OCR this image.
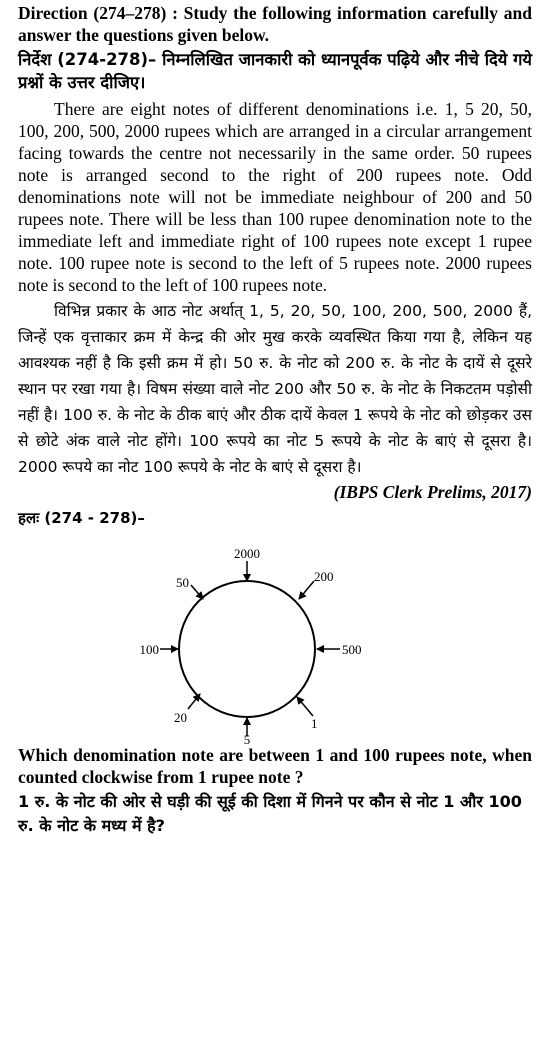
Direction (274–278) : Study the following information carefully and answer the questions given below.
निर्देश (274-278)– निम्नलिखित जानकारी को ध्यानपूर्वक पढ़िये और नीचे दिये गये प्रश्नों के उत्तर दीजिए।
There are eight notes of different denominations i.e. 1, 5 20, 50, 100, 200, 500, 2000 rupees which are arranged in a circular arrangement facing towards the centre not necessarily in the same order. 50 rupees note is arranged second to the right of 200 rupees note. Odd denominations note will not be immediate neighbour of 200 and 50 rupees note. There will be less than 100 rupee denomination note to the immediate left and immediate right of 100 rupees note except 1 rupee note. 100 rupee note is second to the left of 5 rupees note. 2000 rupees note is second to the left of 100 rupees note.
विभिन्न प्रकार के आठ नोट अर्थात् 1, 5, 20, 50, 100, 200, 500, 2000 हैं, जिन्हें एक वृत्ताकार क्रम में केन्द्र की ओर मुख करके व्यवस्थित किया गया है, लेकिन यह आवश्यक नहीं है कि इसी क्रम में हो। 50 रु. के नोट को 200 रु. के नोट के दायें से दूसरे स्थान पर रखा गया है। विषम संख्या वाले नोट 200 और 50 रु. के नोट के निकटतम पड़ोसी नहीं है। 100 रु. के नोट के ठीक बाएं और ठीक दायें केवल 1 रूपये के नोट को छोड़कर उस से छोटे अंक वाले नोट होंगे। 100 रूपये का नोट 5 रूपये के नोट के बाएं से दूसरा है। 2000 रूपये का नोट 100 रूपये के नोट के बाएं से दूसरा है।
(IBPS Clerk Prelims, 2017)
हलः (274 - 278)–
2000
200
500
1
5
20
100
50
Which denomination note are between 1 and 100 rupees note, when counted clockwise from 1 rupee note ?
1 रु. के नोट की ओर से घड़ी की सूई की दिशा में गिनने पर कौन से नोट 1 और 100 रु. के नोट के मध्य में है?
